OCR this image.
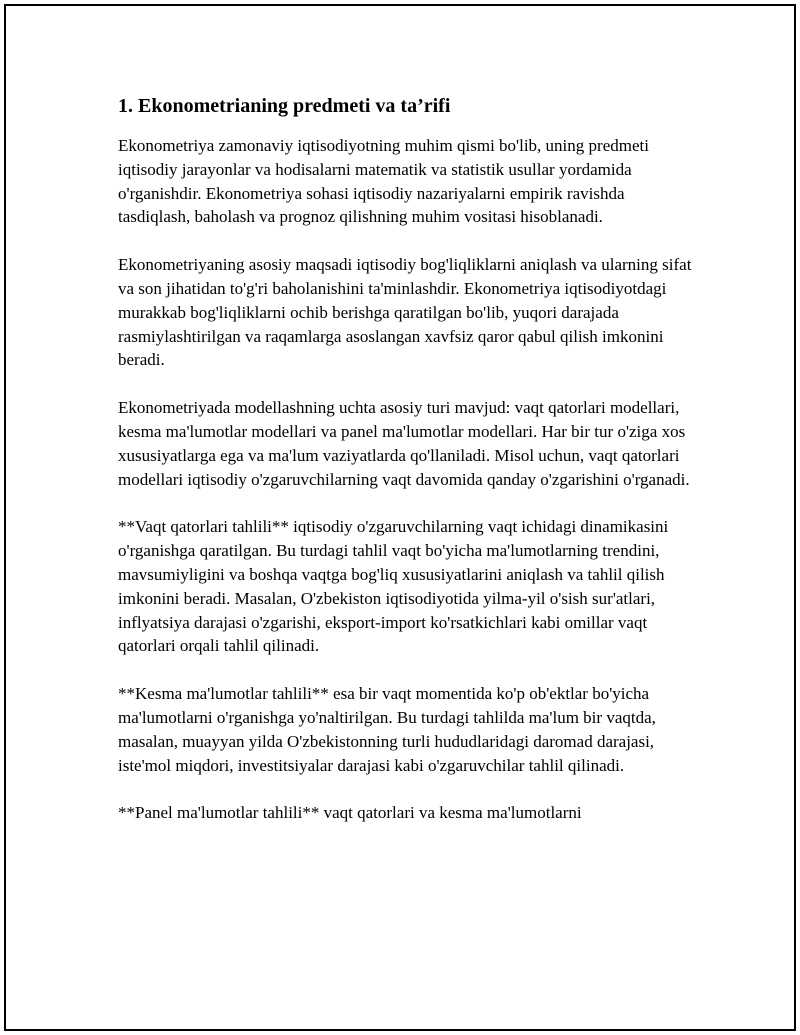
1. Ekonometrianing predmeti va ta’rifi

Ekonometriya zamonaviy iqtisodiyotning muhim qismi bo'lib, uning predmeti iqtisodiy jarayonlar va hodisalarni matematik va statistik usullar yordamida o'rganishdir. Ekonometriya sohasi iqtisodiy nazariyalarni empirik ravishda tasdiqlash, baholash va prognoz qilishning muhim vositasi hisoblanadi.

Ekonometriyaning asosiy maqsadi iqtisodiy bog'liqliklarni aniqlash va ularning sifat va son jihatidan to'g'ri baholanishini ta'minlashdir. Ekonometriya iqtisodiyotdagi murakkab bog'liqliklarni ochib berishga qaratilgan bo'lib, yuqori darajada rasmiylashtirilgan va raqamlarga asoslangan xavfsiz qaror qabul qilish imkonini beradi.

Ekonometriyada modellashning uchta asosiy turi mavjud: vaqt qatorlari modellari, kesma ma'lumotlar modellari va panel ma'lumotlar modellari. Har bir tur o'ziga xos xususiyatlarga ega va ma'lum vaziyatlarda qo'llaniladi. Misol uchun, vaqt qatorlari modellari iqtisodiy o'zgaruvchilarning vaqt davomida qanday o'zgarishini o'rganadi.

**Vaqt qatorlari tahlili** iqtisodiy o'zgaruvchilarning vaqt ichidagi dinamikasini o'rganishga qaratilgan. Bu turdagi tahlil vaqt bo'yicha ma'lumotlarning trendini, mavsumiyligini va boshqa vaqtga bog'liq xususiyatlarini aniqlash va tahlil qilish imkonini beradi. Masalan, O'zbekiston iqtisodiyotida yilma-yil o'sish sur'atlari, inflyatsiya darajasi o'zgarishi, eksport-import ko'rsatkichlari kabi omillar vaqt qatorlari orqali tahlil qilinadi.

**Kesma ma'lumotlar tahlili** esa bir vaqt momentida ko'p ob'ektlar bo'yicha ma'lumotlarni o'rganishga yo'naltirilgan. Bu turdagi tahlilda ma'lum bir vaqtda, masalan, muayyan yilda O'zbekistonning turli hududlaridagi daromad darajasi, iste'mol miqdori, investitsiyalar darajasi kabi o'zgaruvchilar tahlil qilinadi.

**Panel ma'lumotlar tahlili** vaqt qatorlari va kesma ma'lumotlarni
